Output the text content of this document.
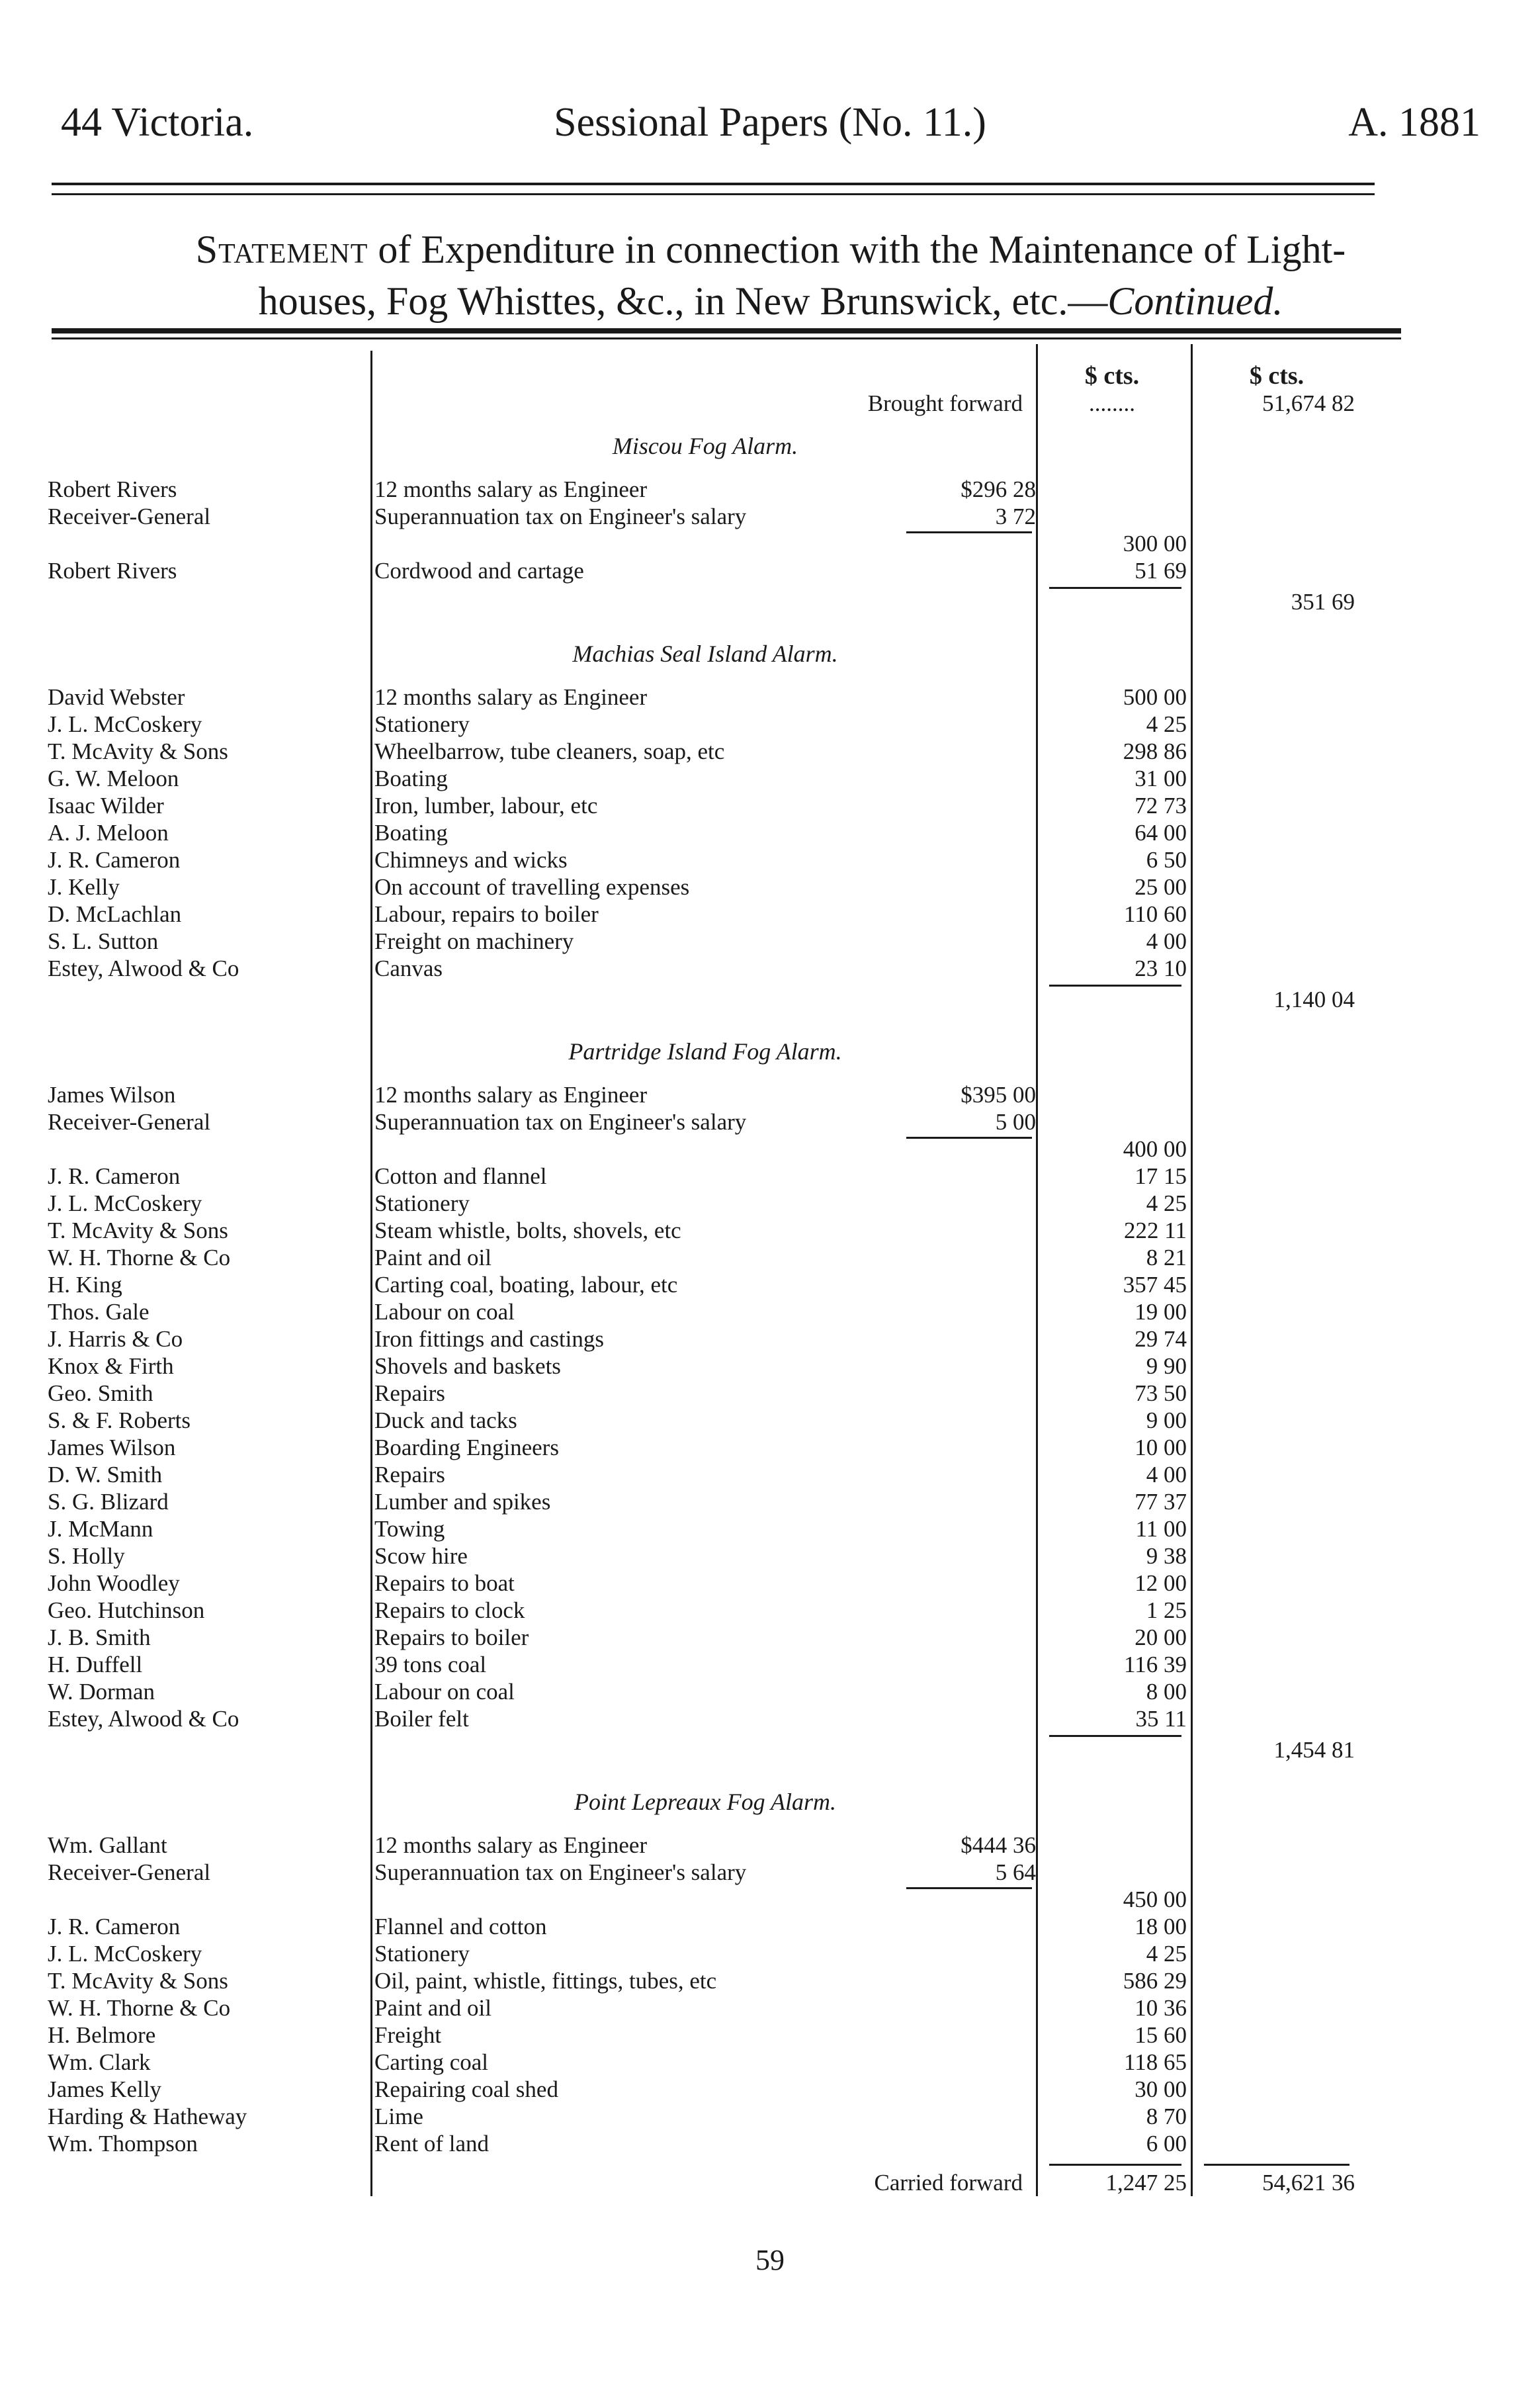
44 Victoria.	Sessional Papers (No. 11.)	A. 1881
Statement of Expenditure in connection with the Maintenance of Light-
houses, Fog Whisttes, &c., in New Brunswick, etc.—Continued.
$ cts.	$ cts.
Brought forward	........	51,674 82
Miscou Fog Alarm.
Robert Rivers	12 months salary as Engineer	$296 28
Receiver-General	Superannuation tax on Engineer's salary	3 72
300 00
Robert Rivers	Cordwood and cartage	51 69
351 69
Machias Seal Island Alarm.
David Webster	12 months salary as Engineer	500 00
J. L. McCoskery	Stationery	4 25
T. McAvity & Sons	Wheelbarrow, tube cleaners, soap, etc	298 86
G. W. Meloon	Boating	31 00
Isaac Wilder	Iron, lumber, labour, etc	72 73
A. J. Meloon	Boating	64 00
J. R. Cameron	Chimneys and wicks	6 50
J. Kelly	On account of travelling expenses	25 00
D. McLachlan	Labour, repairs to boiler	110 60
S. L. Sutton	Freight on machinery	4 00
Estey, Alwood & Co	Canvas	23 10
1,140 04
Partridge Island Fog Alarm.
James Wilson	12 months salary as Engineer	$395 00
Receiver-General	Superannuation tax on Engineer's salary	5 00
400 00
J. R. Cameron	Cotton and flannel	17 15
J. L. McCoskery	Stationery	4 25
T. McAvity & Sons	Steam whistle, bolts, shovels, etc	222 11
W. H. Thorne & Co	Paint and oil	8 21
H. King	Carting coal, boating, labour, etc	357 45
Thos. Gale	Labour on coal	19 00
J. Harris & Co	Iron fittings and castings	29 74
Knox & Firth	Shovels and baskets	9 90
Geo. Smith	Repairs	73 50
S. & F. Roberts	Duck and tacks	9 00
James Wilson	Boarding Engineers	10 00
D. W. Smith	Repairs	4 00
S. G. Blizard	Lumber and spikes	77 37
J. McMann	Towing	11 00
S. Holly	Scow hire	9 38
John Woodley	Repairs to boat	12 00
Geo. Hutchinson	Repairs to clock	1 25
J. B. Smith	Repairs to boiler	20 00
H. Duffell	39 tons coal	116 39
W. Dorman	Labour on coal	8 00
Estey, Alwood & Co	Boiler felt	35 11
1,454 81
Point Lepreaux Fog Alarm.
Wm. Gallant	12 months salary as Engineer	$444 36
Receiver-General	Superannuation tax on Engineer's salary	5 64
450 00
J. R. Cameron	Flannel and cotton	18 00
J. L. McCoskery	Stationery	4 25
T. McAvity & Sons	Oil, paint, whistle, fittings, tubes, etc	586 29
W. H. Thorne & Co	Paint and oil	10 36
H. Belmore	Freight	15 60
Wm. Clark	Carting coal	118 65
James Kelly	Repairing coal shed	30 00
Harding & Hatheway	Lime	8 70
Wm. Thompson	Rent of land	6 00
Carried forward	1,247 25	54,621 36
59
